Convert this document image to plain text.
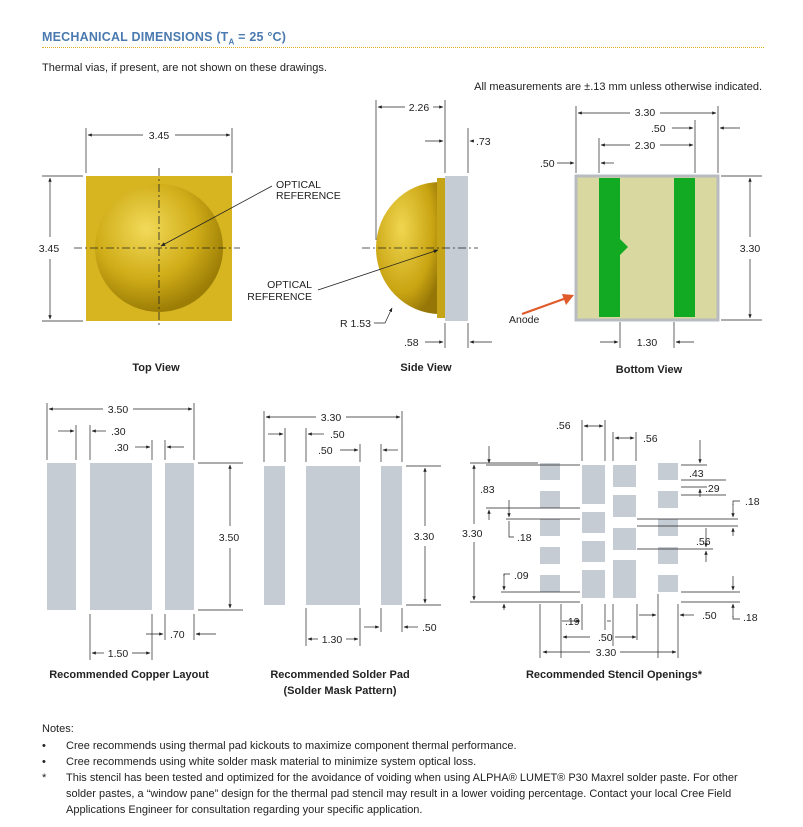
MECHANICAL DIMENSIONS ($T_A = 25$ °C)
Thermal vias, if present, are not shown on these drawings.
All measurements are ±.13 mm unless otherwise indicated.
3.45
3.45
OPTICAL
REFERENCE
Top View
2.26
.73
OPTICAL
REFERENCE
R 1.53
.58
Side View
3.30
.50
2.30
.50
3.30
1.30
Anode
Bottom View
3.50
.30
.30
3.50
1.50
.70
Recommended Copper Layout
3.30
.50
.50
3.30
1.30
.50
Recommended Solder Pad
(Solder Mask Pattern)
.56
.56
.43
.29
.18
.56
.83
.18
3.30
.09
.19
.50
.50	.18
3.30
Recommended Stencil Openings*
Notes:
• Cree recommends using thermal pad kickouts to maximize component thermal performance.
• Cree recommends using white solder mask material to minimize system optical loss.
* This stencil has been tested and optimized for the avoidance of voiding when using ALPHA® LUMET® P30 Maxrel solder paste. For other solder pastes, a “window pane” design for the thermal pad stencil may result in a lower voiding percentage. Contact your local Cree Field Applications Engineer for consultation regarding your specific application.
